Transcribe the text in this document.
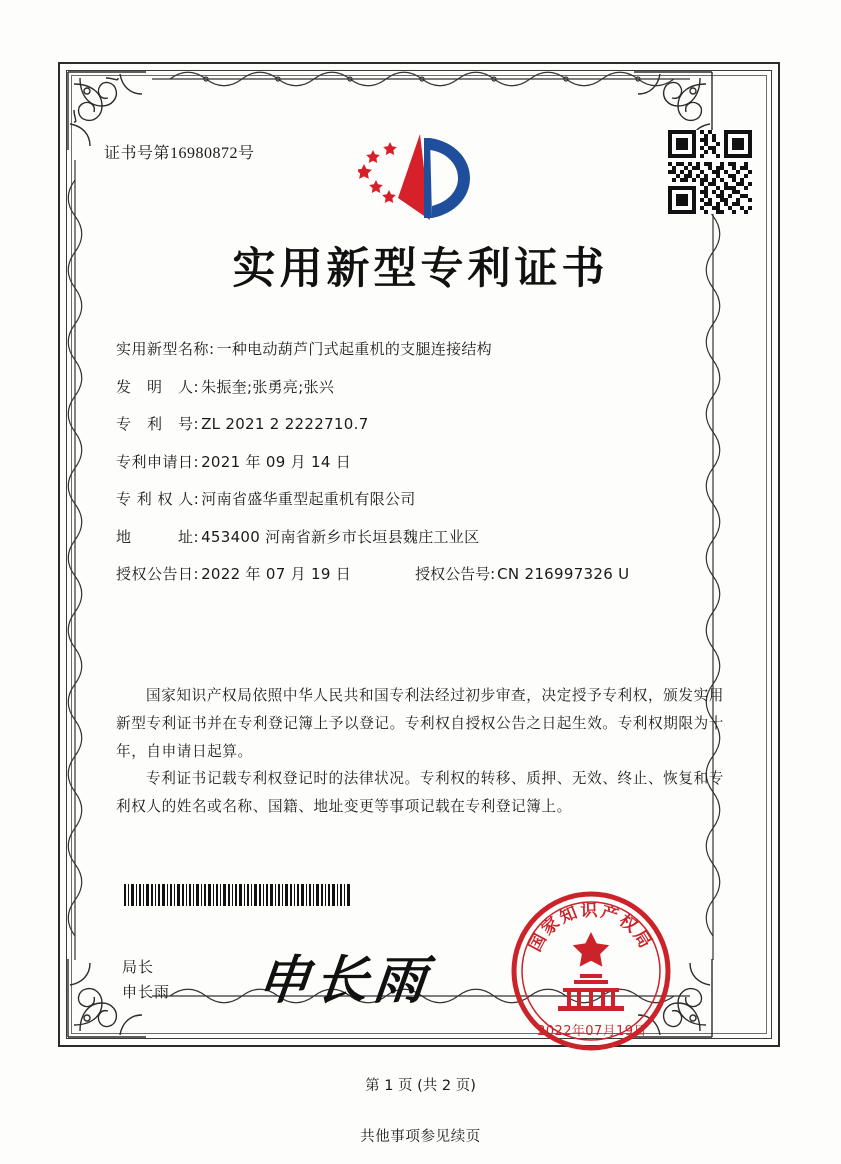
证书号第16980872号
实用新型专利证书
实用新型名称: 一种电动葫芦门式起重机的支腿连接结构
发　明　人: 朱振奎;张勇亮;张兴
专　利　号: ZL 2021 2 2222710.7
专利申请日: 2021 年 09 月 14 日
专 利 权 人: 河南省盛华重型起重机有限公司
地　　　址: 453400 河南省新乡市长垣县魏庄工业区
授权公告日: 2022 年 07 月 19 日	授权公告号: CN 216997326 U
国家知识产权局依照中华人民共和国专利法经过初步审查，决定授予专利权，颁发实用新型专利证书并在专利登记簿上予以登记。专利权自授权公告之日起生效。专利权期限为十年，自申请日起算。
专利证书记载专利权登记时的法律状况。专利权的转移、质押、无效、终止、恢复和专利权人的姓名或名称、国籍、地址变更等事项记载在专利登记簿上。
局长
申长雨 申长雨
国
家
知 识 产
权
局
2022年07月19日
第 1 页 (共 2 页)
共他事项参见续页
